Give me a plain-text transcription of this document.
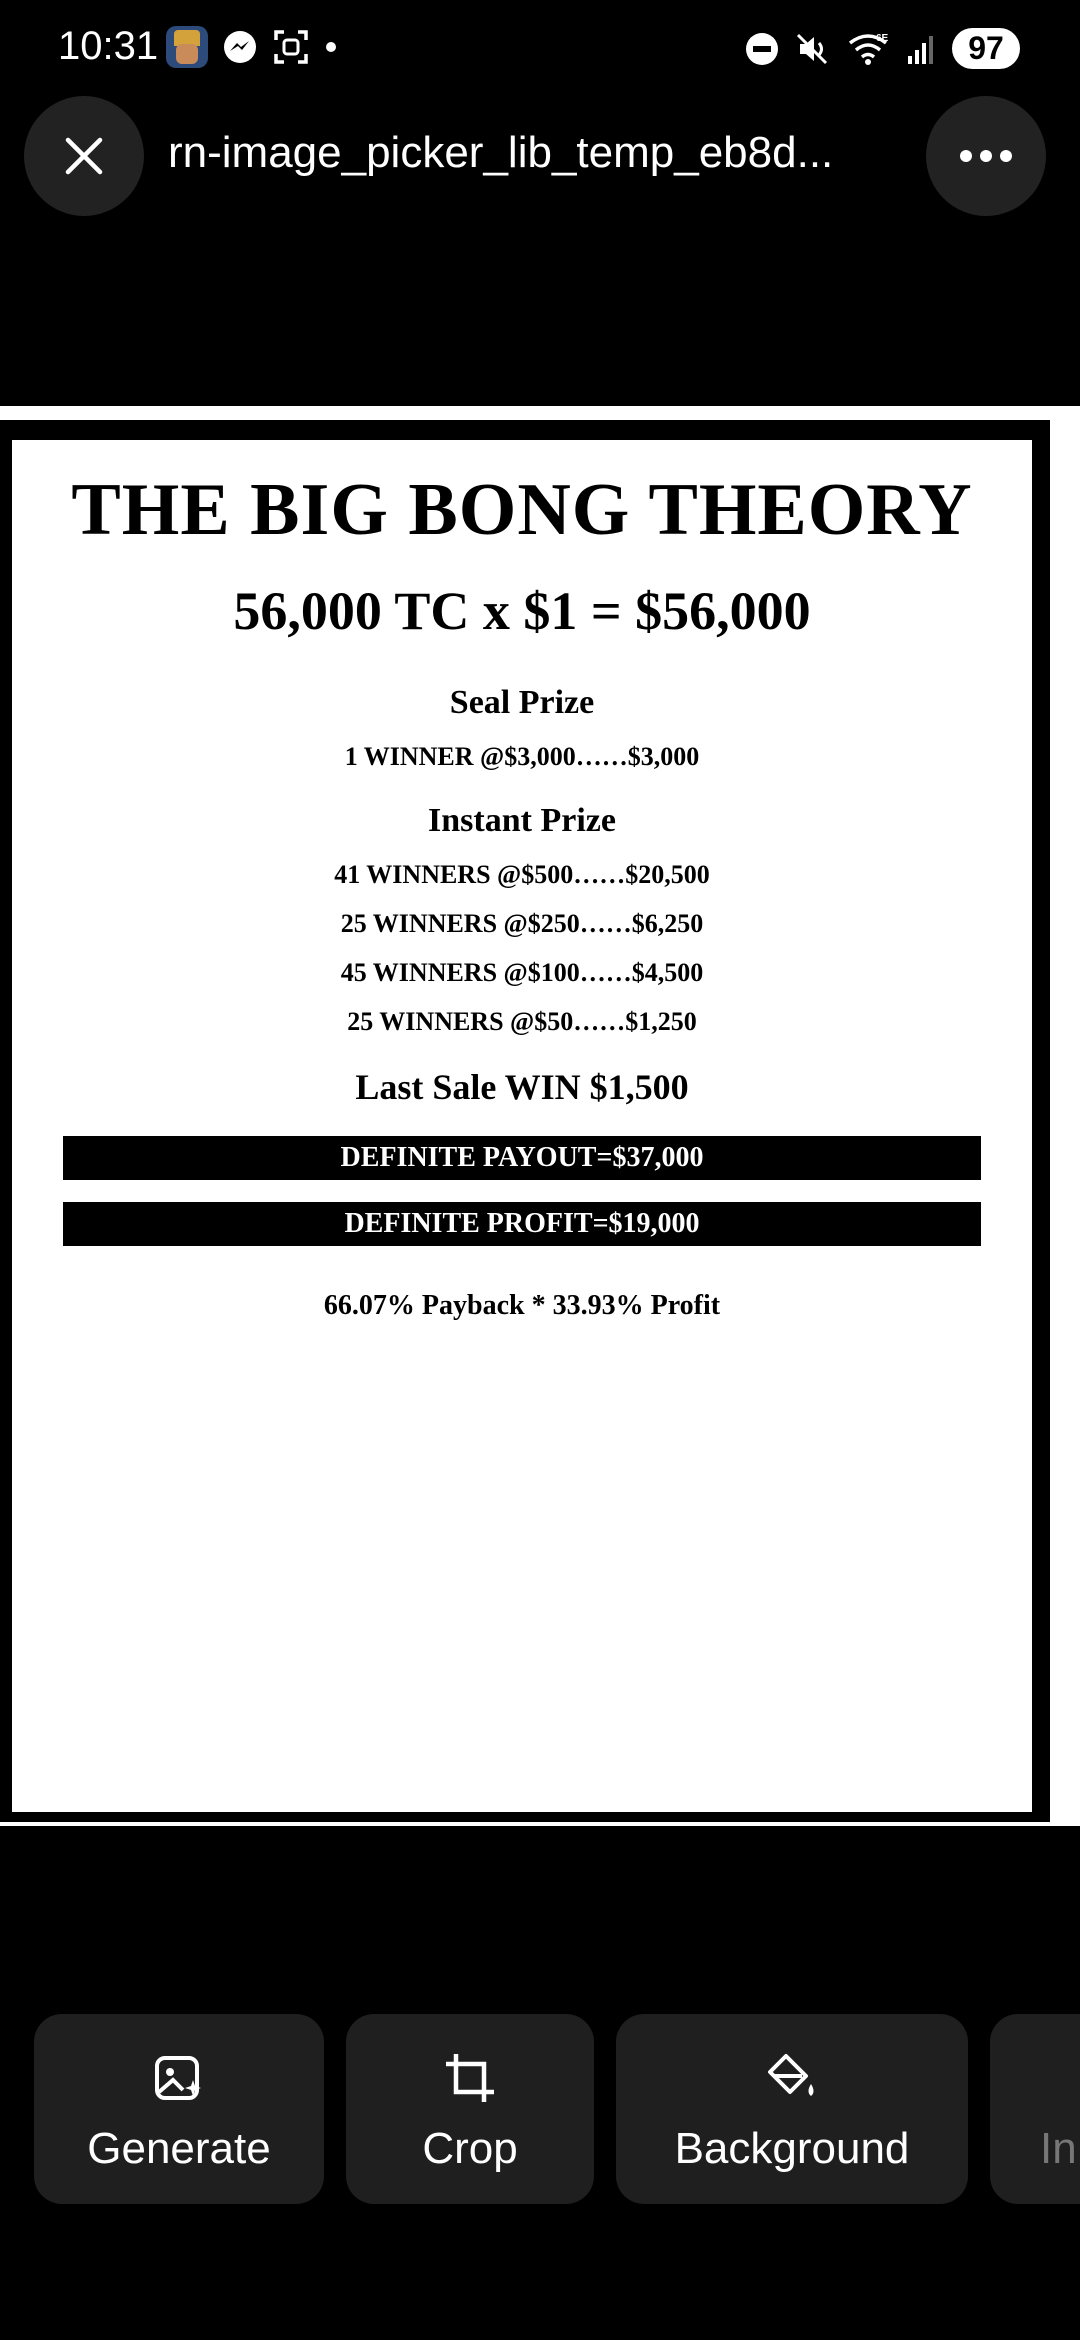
10:31	6E	97
rn-image_picker_lib_temp_eb8d...
THE BIG BONG THEORY
56,000 TC x $1 = $56,000
Seal Prize
1 WINNER @$3,000……$3,000
Instant Prize
41 WINNERS @$500……$20,500
25 WINNERS @$250……$6,250
45 WINNERS @$100……$4,500
25 WINNERS @$50……$1,250
Last Sale WIN $1,500
DEFINITE PAYOUT=$37,000
DEFINITE PROFIT=$19,000
66.07% Payback * 33.93% Profit
Generate	Crop	Background	In
